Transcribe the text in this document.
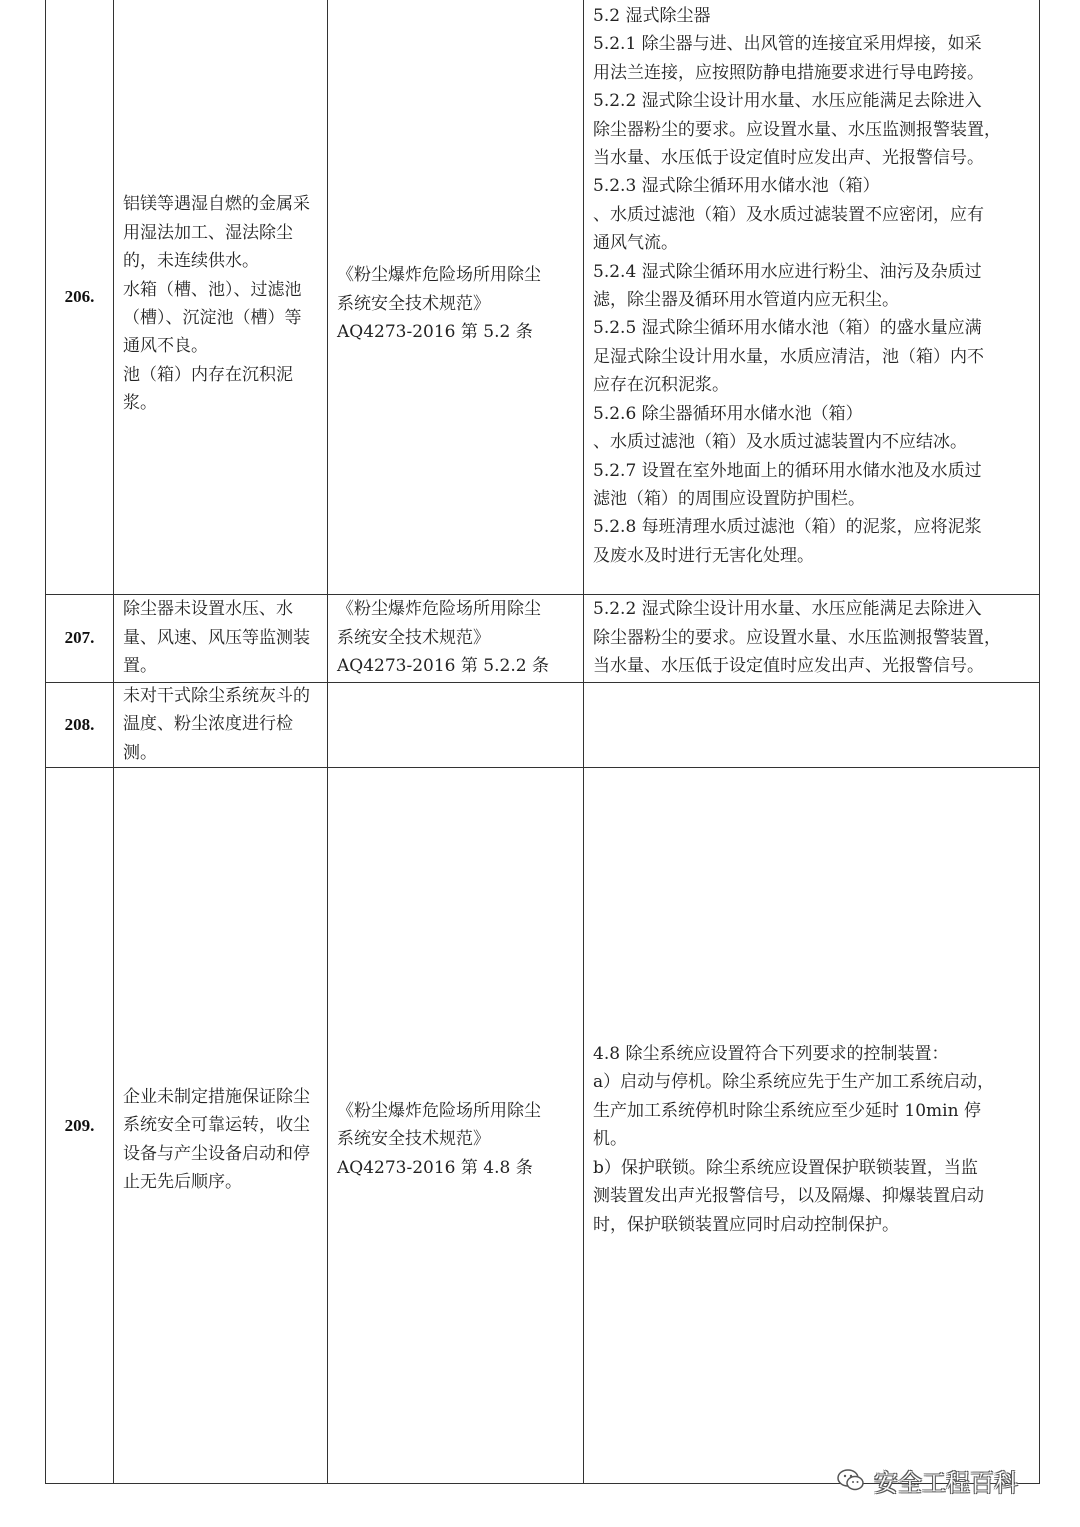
206.
铝镁等遇湿自燃的金属采用湿法加工、湿法除尘的，未连续供水。
水箱（槽、池）、过滤池（槽）、沉淀池（槽）等通风不良。
池（箱）内存在沉积泥浆。
《粉尘爆炸危险场所用除尘
系统安全技术规范》
AQ4273-2016 第 5.2 条
5.2 湿式除尘器
5.2.1 除尘器与进、出风管的连接宜采用焊接，如采
用法兰连接，应按照防静电措施要求进行导电跨接。
5.2.2 湿式除尘设计用水量、水压应能满足去除进入
除尘器粉尘的要求。应设置水量、水压监测报警装置，
当水量、水压低于设定值时应发出声、光报警信号。
5.2.3 湿式除尘循环用水储水池（箱）
、水质过滤池（箱）及水质过滤装置不应密闭，应有
通风气流。
5.2.4 湿式除尘循环用水应进行粉尘、油污及杂质过
滤，除尘器及循环用水管道内应无积尘。
5.2.5 湿式除尘循环用水储水池（箱）的盛水量应满
足湿式除尘设计用水量，水质应清洁，池（箱）内不
应存在沉积泥浆。
5.2.6 除尘器循环用水储水池（箱）
、水质过滤池（箱）及水质过滤装置内不应结冰。
5.2.7 设置在室外地面上的循环用水储水池及水质过
滤池（箱）的周围应设置防护围栏。
5.2.8 每班清理水质过滤池（箱）的泥浆，应将泥浆
及废水及时进行无害化处理。
207.
除尘器未设置水压、水量、风速、风压等监测装置。
《粉尘爆炸危险场所用除尘
系统安全技术规范》
AQ4273-2016 第 5.2.2 条
5.2.2 湿式除尘设计用水量、水压应能满足去除进入
除尘器粉尘的要求。应设置水量、水压监测报警装置，
当水量、水压低于设定值时应发出声、光报警信号。
208.
未对干式除尘系统灰斗的温度、粉尘浓度进行检测。
209.
企业未制定措施保证除尘系统安全可靠运转，收尘设备与产尘设备启动和停止无先后顺序。
《粉尘爆炸危险场所用除尘
系统安全技术规范》
AQ4273-2016 第 4.8 条
4.8 除尘系统应设置符合下列要求的控制装置：
a）启动与停机。除尘系统应先于生产加工系统启动，
生产加工系统停机时除尘系统应至少延时 10min 停
机。
b）保护联锁。除尘系统应设置保护联锁装置，当监
测装置发出声光报警信号，以及隔爆、抑爆装置启动
时，保护联锁装置应同时启动控制保护。
安全工程百科
